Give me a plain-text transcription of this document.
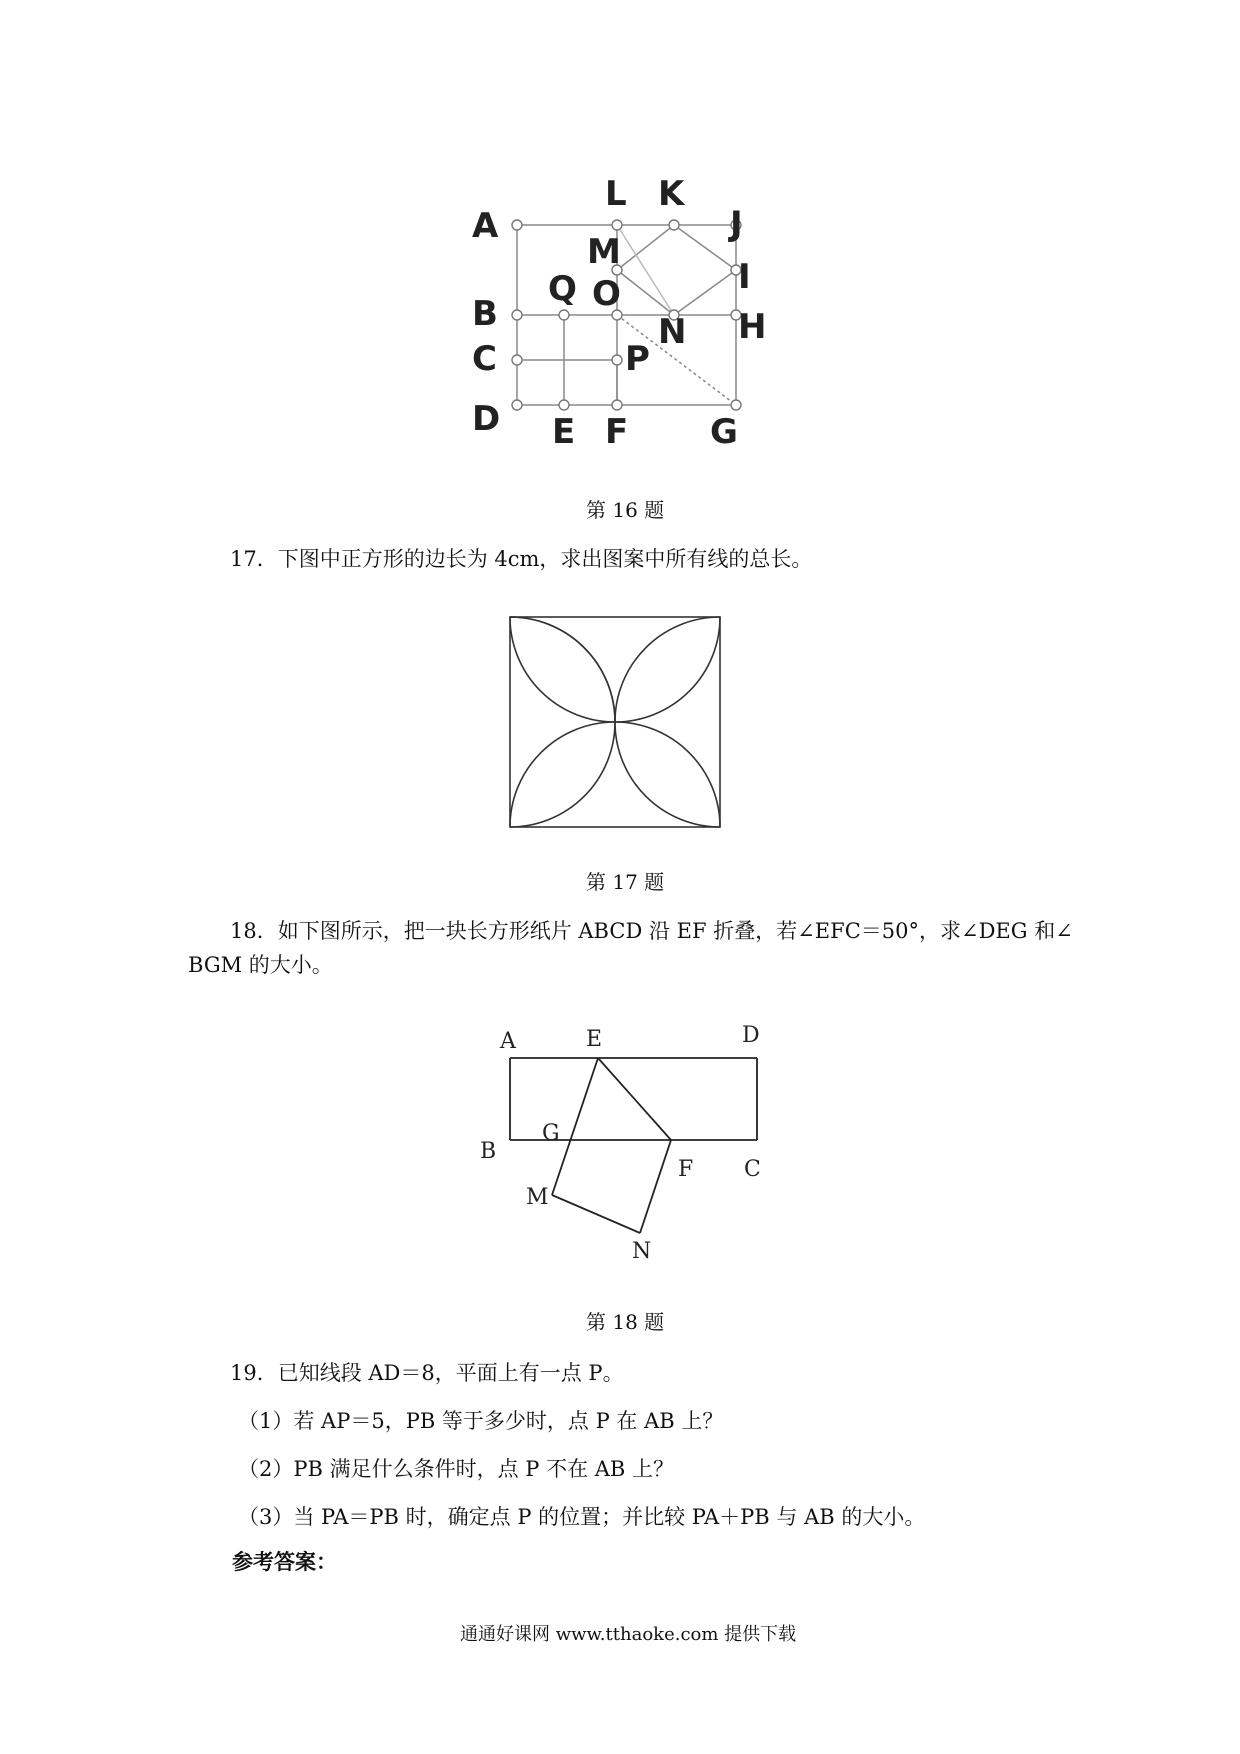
A
B
C
D E F G
H
I
J
K
L
M
N
O
P
Q
第 16 题
17．下图中正方形的边长为 4cm，求出图案中所有线的总长。
第 17 题
18．如下图所示，把一块长方形纸片 ABCD 沿 EF 折叠，若∠EFC＝50°，求∠DEG 和∠
BGM 的大小。
A	E	D
B
G
F C
M
N
第 18 题
19．已知线段 AD＝8，平面上有一点 P。
（1）若 AP＝5，PB 等于多少时，点 P 在 AB 上？
（2）PB 满足什么条件时，点 P 不在 AB 上？
（3）当 PA＝PB 时，确定点 P 的位置；并比较 PA＋PB 与 AB 的大小。
参考答案：
通通好课网 www.tthaoke.com 提供下载
